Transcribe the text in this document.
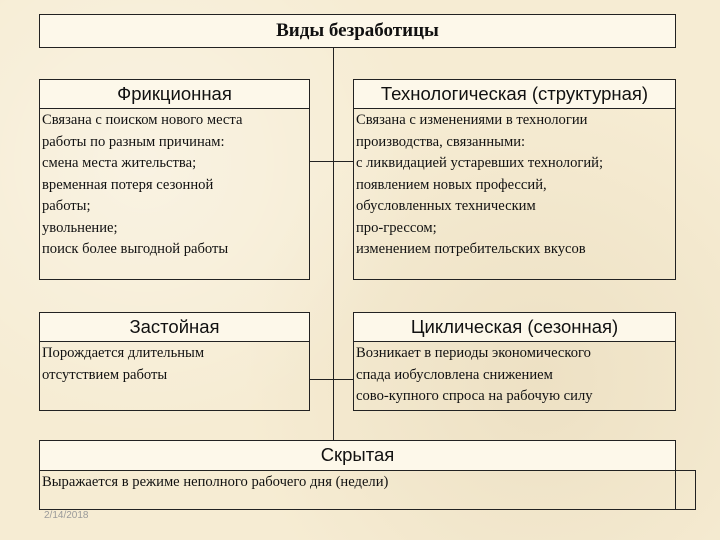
Виды безработицы
Фрикционная
Связана с поиском нового места
работы по разным причинам:
смена места жительства;
временная потеря сезонной
работы;
увольнение;
поиск более выгодной работы
Технологическая (структурная)
Связана с изменениями в технологии
производства, связанными:
с ликвидацией устаревших технологий;
появлением новых профессий,
обусловленных техническим
про-грессом;
изменением потребительских вкусов
Застойная
Порождается длительным
отсутствием работы
Циклическая (сезонная)
Возникает в периоды экономического
спада иобусловлена снижением
сово-купного спроса на рабочую силу
Скрытая
Выражается в режиме неполного рабочего дня (недели)
2/14/2018
